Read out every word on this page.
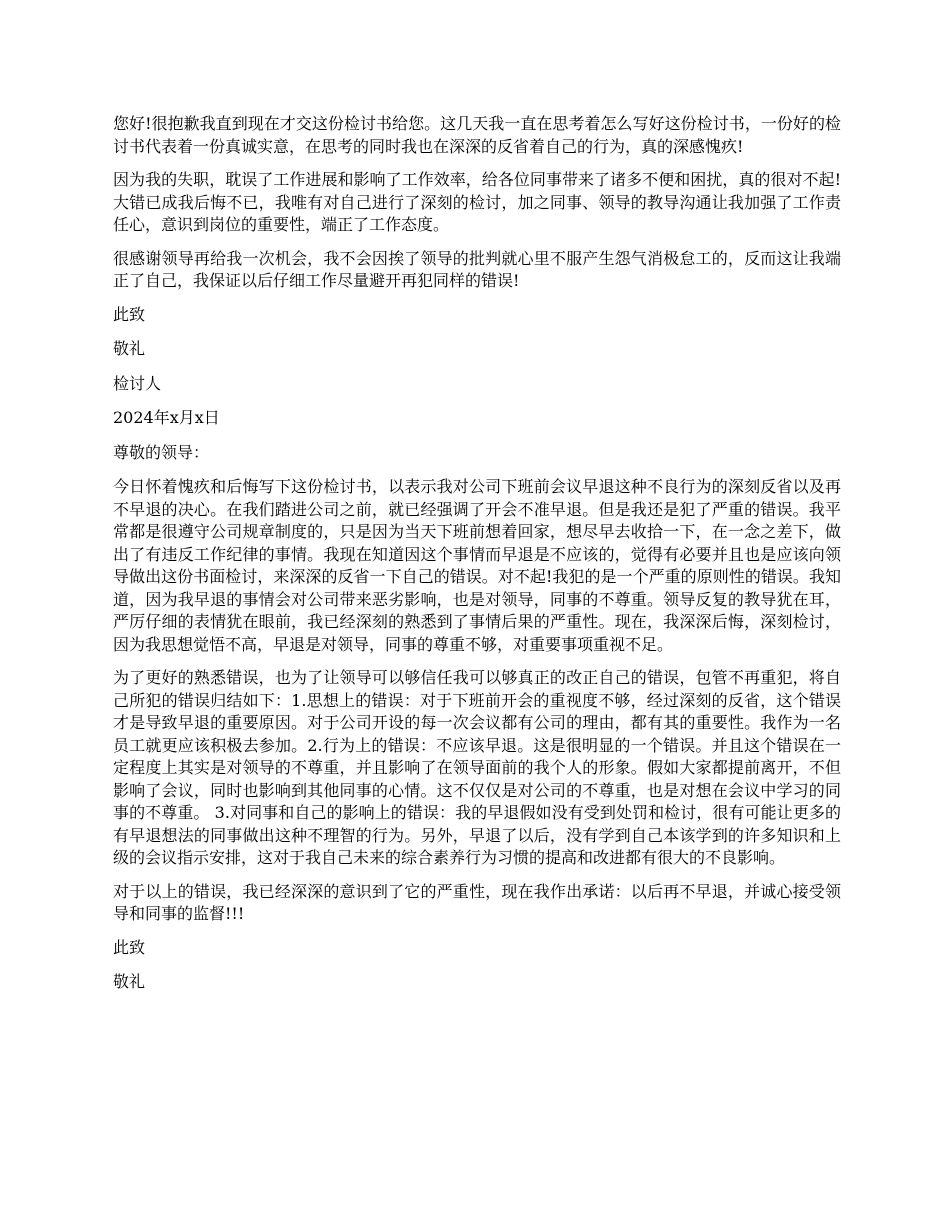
您好!很抱歉我直到现在才交这份检讨书给您。这几天我一直在思考着怎么写好这份检讨书，一份好的检讨书代表着一份真诚实意，在思考的同时我也在深深的反省着自己的行为，真的深感愧疚!

因为我的失职，耽误了工作进展和影响了工作效率，给各位同事带来了诸多不便和困扰，真的很对不起!大错已成我后悔不已，我唯有对自己进行了深刻的检讨，加之同事、领导的教导沟通让我加强了工作责任心，意识到岗位的重要性，端正了工作态度。

很感谢领导再给我一次机会，我不会因挨了领导的批判就心里不服产生怨气消极怠工的，反而这让我端正了自己，我保证以后仔细工作尽量避开再犯同样的错误!

此致

敬礼

检讨人

2024年x月x日

尊敬的领导：

今日怀着愧疚和后悔写下这份检讨书，以表示我对公司下班前会议早退这种不良行为的深刻反省以及再不早退的决心。在我们踏进公司之前，就已经强调了开会不准早退。但是我还是犯了严重的错误。我平常都是很遵守公司规章制度的，只是因为当天下班前想着回家，想尽早去收拾一下，在一念之差下，做出了有违反工作纪律的事情。我现在知道因这个事情而早退是不应该的，觉得有必要并且也是应该向领导做出这份书面检讨，来深深的反省一下自己的错误。对不起!我犯的是一个严重的原则性的错误。我知道，因为我早退的事情会对公司带来恶劣影响，也是对领导，同事的不尊重。领导反复的教导犹在耳，严厉仔细的表情犹在眼前，我已经深刻的熟悉到了事情后果的严重性。现在，我深深后悔，深刻检讨，因为我思想觉悟不高，早退是对领导，同事的尊重不够，对重要事项重视不足。

为了更好的熟悉错误，也为了让领导可以够信任我可以够真正的改正自己的错误，包管不再重犯，将自己所犯的错误归结如下：1.思想上的错误：对于下班前开会的重视度不够，经过深刻的反省，这个错误才是导致早退的重要原因。对于公司开设的每一次会议都有公司的理由，都有其的重要性。我作为一名员工就更应该积极去参加。2.行为上的错误：不应该早退。这是很明显的一个错误。并且这个错误在一定程度上其实是对领导的不尊重，并且影响了在领导面前的我个人的形象。假如大家都提前离开，不但影响了会议，同时也影响到其他同事的心情。这不仅仅是对公司的不尊重，也是对想在会议中学习的同事的不尊重。 3.对同事和自己的影响上的错误：我的早退假如没有受到处罚和检讨，很有可能让更多的有早退想法的同事做出这种不理智的行为。另外，早退了以后，没有学到自己本该学到的许多知识和上级的会议指示安排，这对于我自己未来的综合素养行为习惯的提高和改进都有很大的不良影响。

对于以上的错误，我已经深深的意识到了它的严重性，现在我作出承诺：以后再不早退，并诚心接受领导和同事的监督!!!

此致

敬礼
